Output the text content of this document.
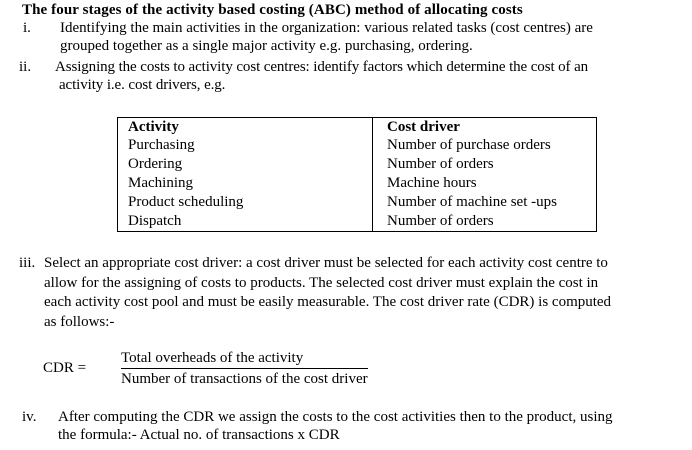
The four stages of the activity based costing (ABC) method of allocating costs
i. Identifying the main activities in the organization: various related tasks (cost centres) are
grouped together as a single major activity e.g. purchasing, ordering.
ii. Assigning the costs to activity cost centres: identify factors which determine the cost of an
activity i.e. cost drivers, e.g.
Activity	Cost driver
Purchasing	Number of purchase orders
Ordering	Number of orders
Machining	Machine hours
Product scheduling	Number of machine set -ups
Dispatch	Number of orders
iii. Select an appropriate cost driver: a cost driver must be selected for each activity cost centre to
allow for the assigning of costs to products. The selected cost driver must explain the cost in
each activity cost pool and must be easily measurable. The cost driver rate (CDR) is computed
as follows:-
CDR =
Total overheads of the activity
Number of transactions of the cost driver
iv. After computing the CDR we assign the costs to the cost activities then to the product, using
the formula:- Actual no. of transactions x CDR
